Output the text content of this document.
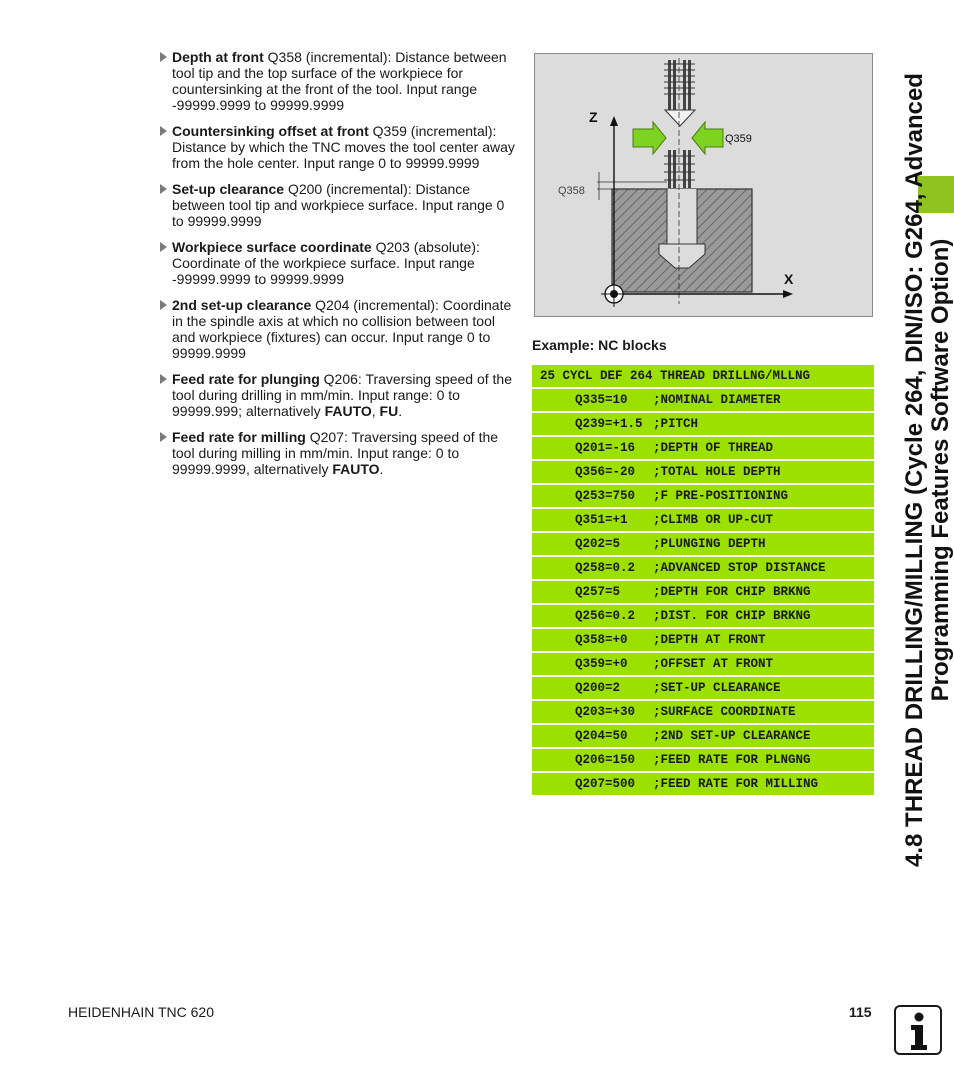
Depth at front Q358 (incremental): Distance between tool tip and the top surface of the workpiece for countersinking at the front of the tool. Input range -99999.9999 to 99999.9999
Countersinking offset at front Q359 (incremental): Distance by which the TNC moves the tool center away from the hole center. Input range 0 to 99999.9999
Set-up clearance Q200 (incremental): Distance between tool tip and workpiece surface. Input range 0 to 99999.9999
Workpiece surface coordinate Q203 (absolute): Coordinate of the workpiece surface. Input range -99999.9999 to 99999.9999
2nd set-up clearance Q204 (incremental): Coordinate in the spindle axis at which no collision between tool and workpiece (fixtures) can occur. Input range 0 to 99999.9999
Feed rate for plunging Q206: Traversing speed of the tool during drilling in mm/min. Input range: 0 to 99999.999; alternatively FAUTO, FU.
Feed rate for milling Q207: Traversing speed of the tool during milling in mm/min. Input range: 0 to 99999.9999, alternatively FAUTO.
Z
X
Q359
Q358
Example: NC blocks
25 CYCL DEF 264 THREAD DRILLNG/MLLNG
Q335=10 ;NOMINAL DIAMETER
Q239=+1.5 ;PITCH
Q201=-16 ;DEPTH OF THREAD
Q356=-20 ;TOTAL HOLE DEPTH
Q253=750 ;F PRE-POSITIONING
Q351=+1 ;CLIMB OR UP-CUT
Q202=5	;PLUNGING DEPTH
Q258=0.2 ;ADVANCED STOP DISTANCE
Q257=5	;DEPTH FOR CHIP BRKNG
Q256=0.2 ;DIST. FOR CHIP BRKNG
Q358=+0 ;DEPTH AT FRONT
Q359=+0 ;OFFSET AT FRONT
Q200=2	;SET-UP CLEARANCE
Q203=+30 ;SURFACE COORDINATE
Q204=50 ;2ND SET-UP CLEARANCE
Q206=150 ;FEED RATE FOR PLNGNG
Q207=500 ;FEED RATE FOR MILLING	4.8 THREAD DRILLING/MILLING (Cycle 264, DIN/ISO: G264, Advanced Programming Features Software Option)
HEIDENHAIN TNC 620	115
